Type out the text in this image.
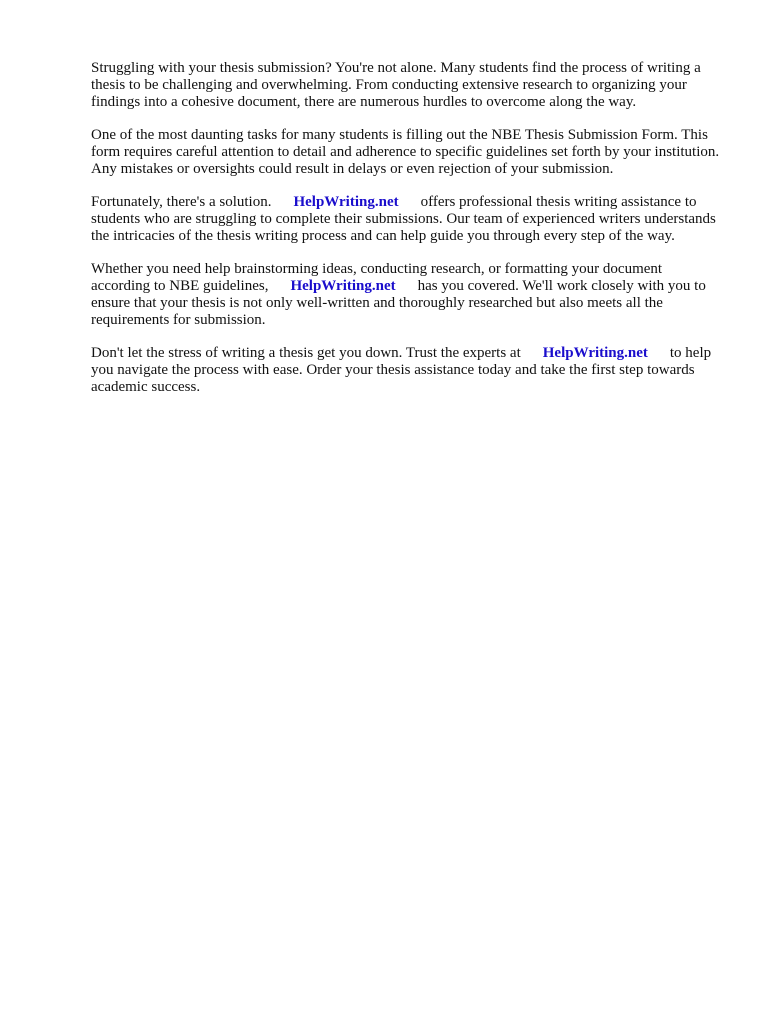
Struggling with your thesis submission? You're not alone. Many students find the process of writing a thesis to be challenging and overwhelming. From conducting extensive research to organizing your findings into a cohesive document, there are numerous hurdles to overcome along the way.

One of the most daunting tasks for many students is filling out the NBE Thesis Submission Form. This form requires careful attention to detail and adherence to specific guidelines set forth by your institution. Any mistakes or oversights could result in delays or even rejection of your submission.

Fortunately, there's a solution. HelpWriting.net offers professional thesis writing assistance to students who are struggling to complete their submissions. Our team of experienced writers understands the intricacies of the thesis writing process and can help guide you through every step of the way.

Whether you need help brainstorming ideas, conducting research, or formatting your document according to NBE guidelines, HelpWriting.net has you covered. We'll work closely with you to ensure that your thesis is not only well-written and thoroughly researched but also meets all the requirements for submission.

Don't let the stress of writing a thesis get you down. Trust the experts at HelpWriting.net to help you navigate the process with ease. Order your thesis assistance today and take the first step towards academic success.
